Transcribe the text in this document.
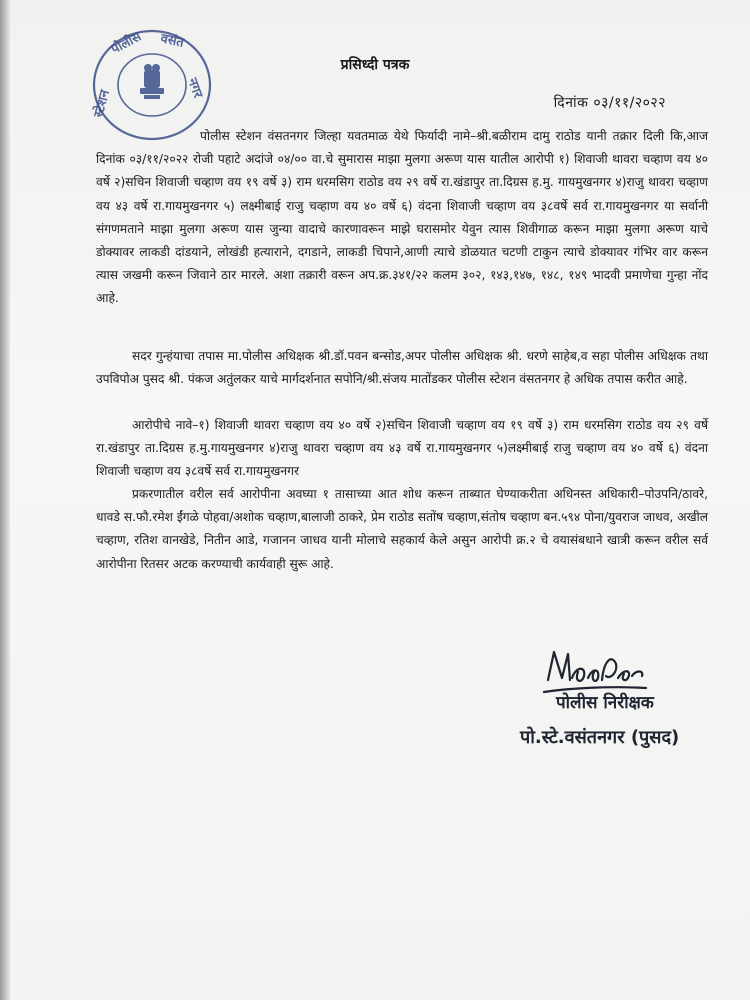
पोलीस वसंत
नगर
स्टेशन
प्रसिध्दी पत्रक
दिनांक ०३/११/२०२२

पोलीस स्टेशन वंसतनगर जिल्हा यवतमाळ येथे फिर्यादी नामे–श्री.बळीराम दामु राठोड यानी तक्रार दिली कि,आज दिनांक ०३/११/२०२२ रोजी पहाटे अदांजे ०४/०० वा.चे सुमारास माझा मुलगा अरूण यास यातील आरोपी १) शिवाजी थावरा चव्हाण वय ४० वर्षे २)सचिन शिवाजी चव्हाण वय १९ वर्षे ३) राम धरमसिग राठोड वय २९ वर्षे रा.खंडापुर ता.दिग्रस ह.मु. गायमुखनगर ४)राजु थावरा चव्हाण वय ४३ वर्षे रा.गायमुखनगर ५) लक्ष्मीबाई राजु चव्हाण वय ४० वर्षे ६) वंदना शिवाजी चव्हाण वय ३८वर्षे सर्व रा.गायमुखनगर या सर्वानी संगणमताने माझा मुलगा अरूण यास जुन्या वादाचे कारणावरून माझे घरासमोर येवुन त्यास शिवीगाळ करून माझा मुलगा अरूण याचे डोक्यावर लाकडी दांडयाने, लोखंडी हत्याराने, दगडाने, लाकडी चिपाने,आणी त्याचे डोळयात चटणी टाकुन त्याचे डोक्यावर गंभिर वार करून त्यास जखमी करून जिवाने ठार मारले. अशा तक्रारी वरून अप.क्र.३४१/२२ कलम ३०२, १४३,१४७, १४८, १४९ भादवी प्रमाणेचा गुन्हा नोंद आहे.

सदर गुन्हंयाचा तपास मा.पोलीस अधिक्षक श्री.डॉ.पवन बन्सोड,अपर पोलीस अधिक्षक श्री. धरणे साहेब,व सहा पोलीस अधिक्षक तथा उपविपोअ पुसद श्री. पंकज अतुंलकर याचे मार्गदर्शनात सपोनि/श्री.संजय मातोंडकर पोलीस स्टेशन वंसतनगर हे अधिक तपास करीत आहे.

आरोपीचे नावे–१) शिवाजी थावरा चव्हाण वय ४० वर्षे २)सचिन शिवाजी चव्हाण वय १९ वर्षे ३) राम धरमसिग राठोड वय २९ वर्षे रा.खंडापुर ता.दिग्रस ह.मु.गायमुखनगर ४)राजु थावरा चव्हाण वय ४३ वर्षे रा.गायमुखनगर ५)लक्ष्मीबाई राजु चव्हाण वय ४० वर्षे ६) वंदना शिवाजी चव्हाण वय ३८वर्षे सर्व रा.गायमुखनगर

प्रकरणातील वरील सर्व आरोपीना अवघ्या १ तासाच्या आत शोध करून ताब्यात घेण्याकरीता अधिनस्त अधिकारी–पोउपनि/ठावरे, धावडे स.फौ.रमेश ईंगळे पोहवा/अशोक चव्हाण,बालाजी ठाकरे, प्रेम राठोड सतोंष चव्हाण,संतोष चव्हाण बन.५९४ पोना/युवराज जाधव, अखील चव्हाण, रतिश वानखेडे, नितीन आडे, गजानन जाधव यानी मोलाचे सहकार्य केले असुन आरोपी क्र.२ चे वयासंबधाने खात्री करून वरील सर्व आरोपीना रितसर अटक करण्याची कार्यवाही सुरू आहे.

पोलीस निरीक्षक
पो.स्टे.वसंतनगर (पुसद)
